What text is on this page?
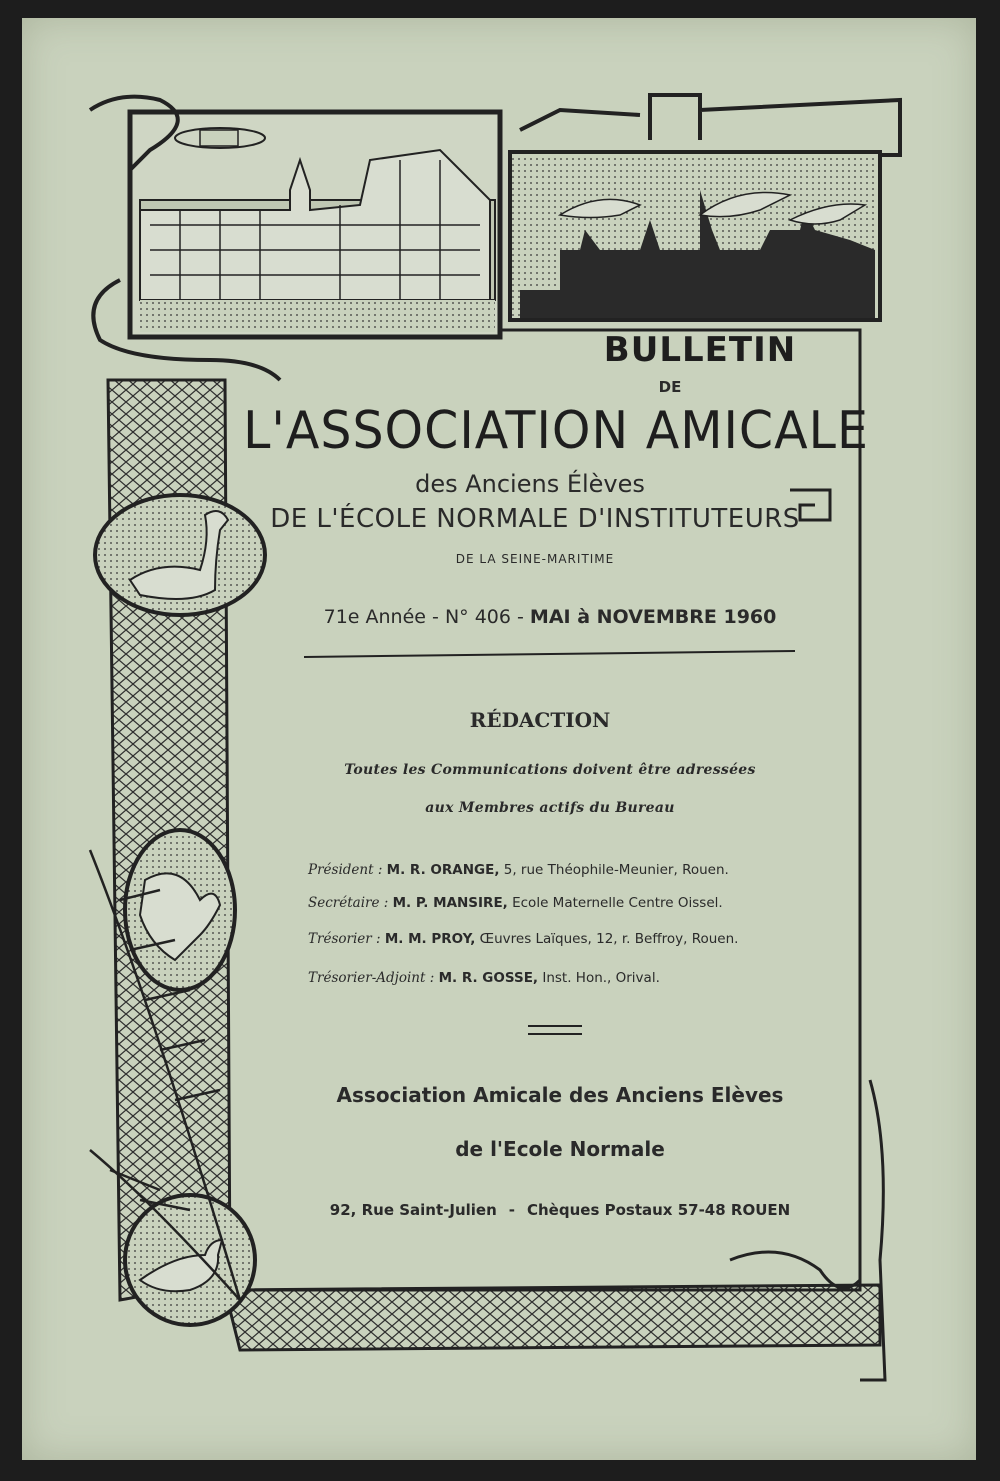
BULLETIN
DE
L'ASSOCIATION AMICALE
des Anciens Élèves
DE L'ÉCOLE NORMALE D'INSTITUTEURS
DE LA SEINE-MARITIME
71e Année - N° 406 - MAI à NOVEMBRE 1960
RÉDACTION
Toutes les Communications doivent être adressées
aux Membres actifs du Bureau
Président : M. R. ORANGE, 5, rue Théophile-Meunier, Rouen.
Secrétaire : M. P. MANSIRE, Ecole Maternelle Centre Oissel.
Trésorier : M. M. PROY, Œuvres Laïques, 12, r. Beffroy, Rouen.
Trésorier-Adjoint : M. R. GOSSE, Inst. Hon., Orival.
Association Amicale des Anciens Elèves
de l'Ecole Normale
92, Rue Saint-Julien - Chèques Postaux 57-48 ROUEN
